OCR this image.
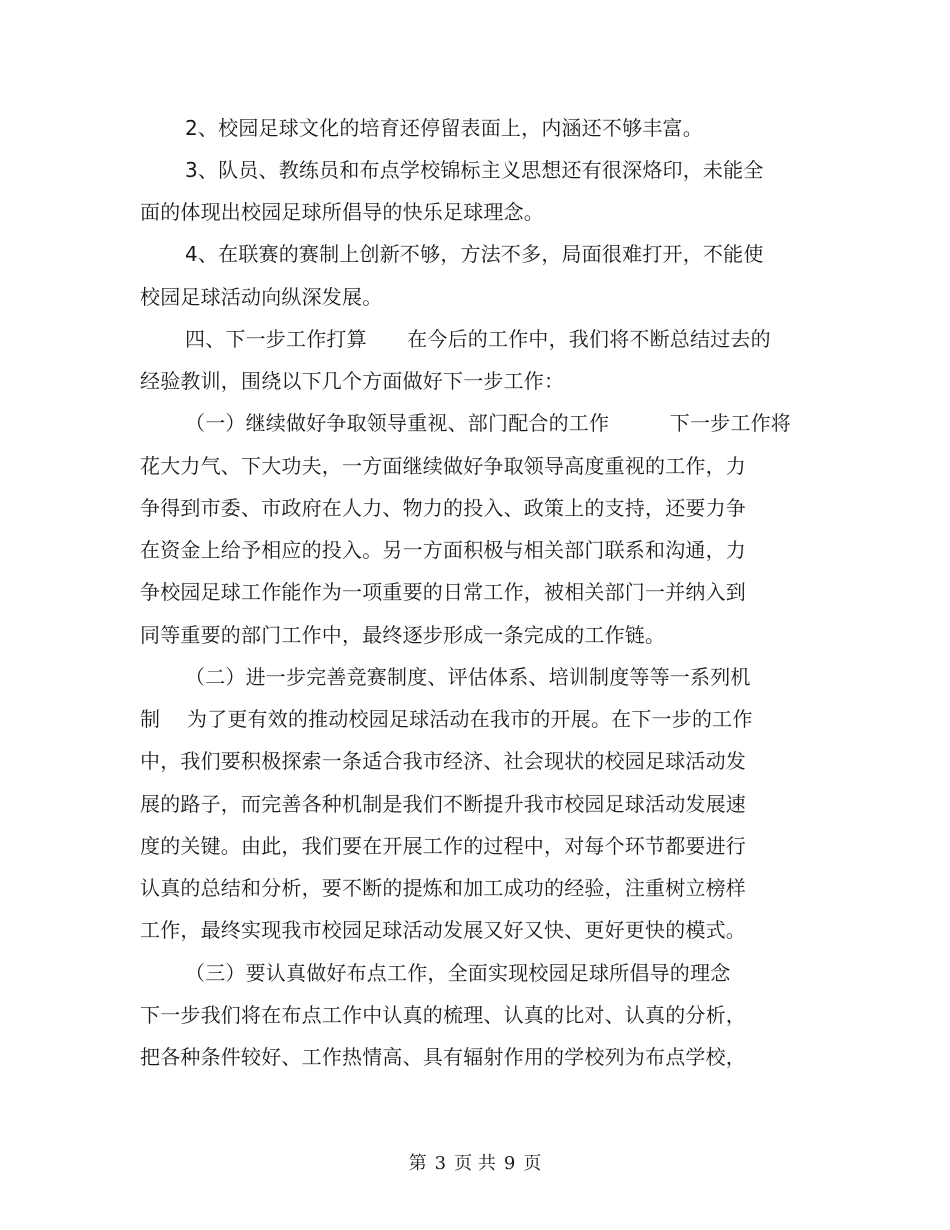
2、校园足球文化的培育还停留表面上，内涵还不够丰富。
3、队员、教练员和布点学校锦标主义思想还有很深烙印，未能全
面的体现出校园足球所倡导的快乐足球理念。
4、在联赛的赛制上创新不够，方法不多，局面很难打开，不能使
校园足球活动向纵深发展。
四、下一步工作打算　　在今后的工作中，我们将不断总结过去的
经验教训，围绕以下几个方面做好下一步工作：
（一）继续做好争取领导重视、部门配合的工作　　　下一步工作将
花大力气、下大功夫，一方面继续做好争取领导高度重视的工作，力
争得到市委、市政府在人力、物力的投入、政策上的支持，还要力争
在资金上给予相应的投入。另一方面积极与相关部门联系和沟通，力
争校园足球工作能作为一项重要的日常工作，被相关部门一并纳入到
同等重要的部门工作中，最终逐步形成一条完成的工作链。
（二）进一步完善竞赛制度、评估体系、培训制度等等一系列机
制　 为了更有效的推动校园足球活动在我市的开展。在下一步的工作
中，我们要积极探索一条适合我市经济、社会现状的校园足球活动发
展的路子，而完善各种机制是我们不断提升我市校园足球活动发展速
度的关键。由此，我们要在开展工作的过程中，对每个环节都要进行
认真的总结和分析，要不断的提炼和加工成功的经验，注重树立榜样
工作，最终实现我市校园足球活动发展又好又快、更好更快的模式。
（三）要认真做好布点工作，全面实现校园足球所倡导的理念
下一步我们将在布点工作中认真的梳理、认真的比对、认真的分析，
把各种条件较好、工作热情高、具有辐射作用的学校列为布点学校，
第 3 页 共 9 页
